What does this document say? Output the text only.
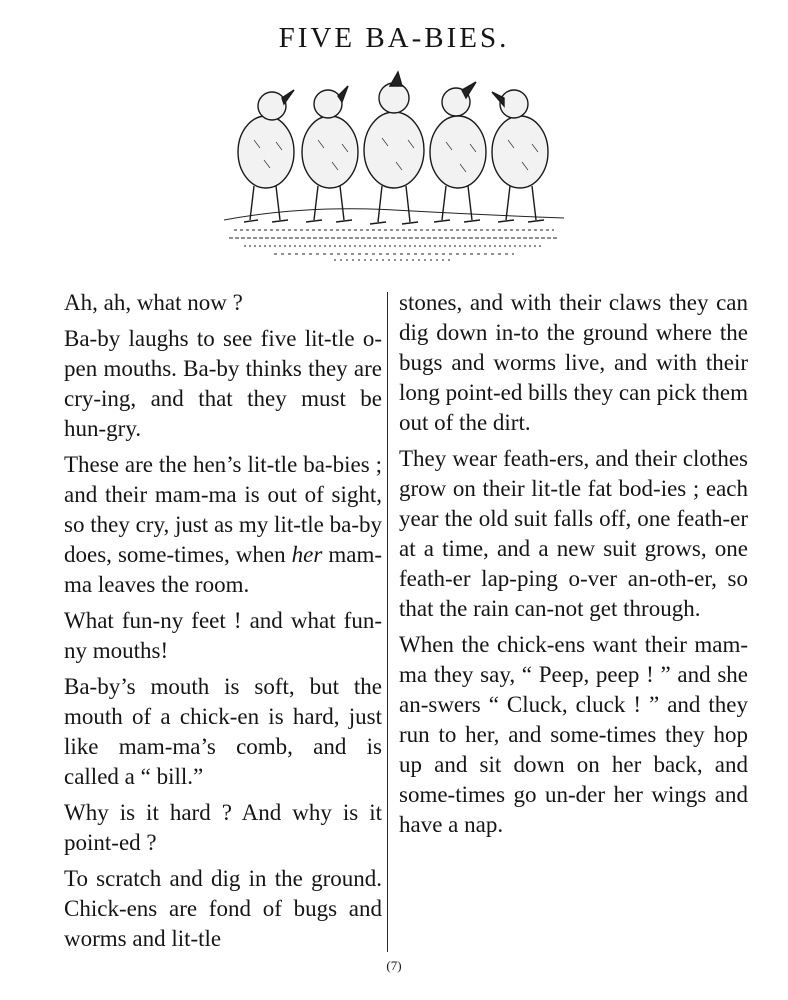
FIVE BA-BIES.

Ah, ah, what now ?

Ba-by laughs to see five lit-tle o-pen mouths. Ba-by thinks they are cry-ing, and that they must be hun-gry.

These are the hen’s lit-tle ba-bies ; and their mam-ma is out of sight, so they cry, just as my lit-tle ba-by does, some-times, when her mam-ma leaves the room.

What fun-ny feet ! and what fun-ny mouths!

Ba-by’s mouth is soft, but the mouth of a chick-en is hard, just like mam-ma’s comb, and is called a “ bill.”

Why is it hard ? And why is it point-ed ?

To scratch and dig in the ground. Chick-ens are fond of bugs and worms and lit-tle

stones, and with their claws they can dig down in-to the ground where the bugs and worms live, and with their long point-ed bills they can pick them out of the dirt.

They wear feath-ers, and their clothes grow on their lit-tle fat bod-ies ; each year the old suit falls off, one feath-er at a time, and a new suit grows, one feath-er lap-ping o-ver an-oth-er, so that the rain can-not get through.

When the chick-ens want their mam-ma they say, “ Peep, peep ! ” and she an-swers “ Cluck, cluck ! ” and they run to her, and some-times they hop up and sit down on her back, and some-times go un-der her wings and have a nap.

(7)
